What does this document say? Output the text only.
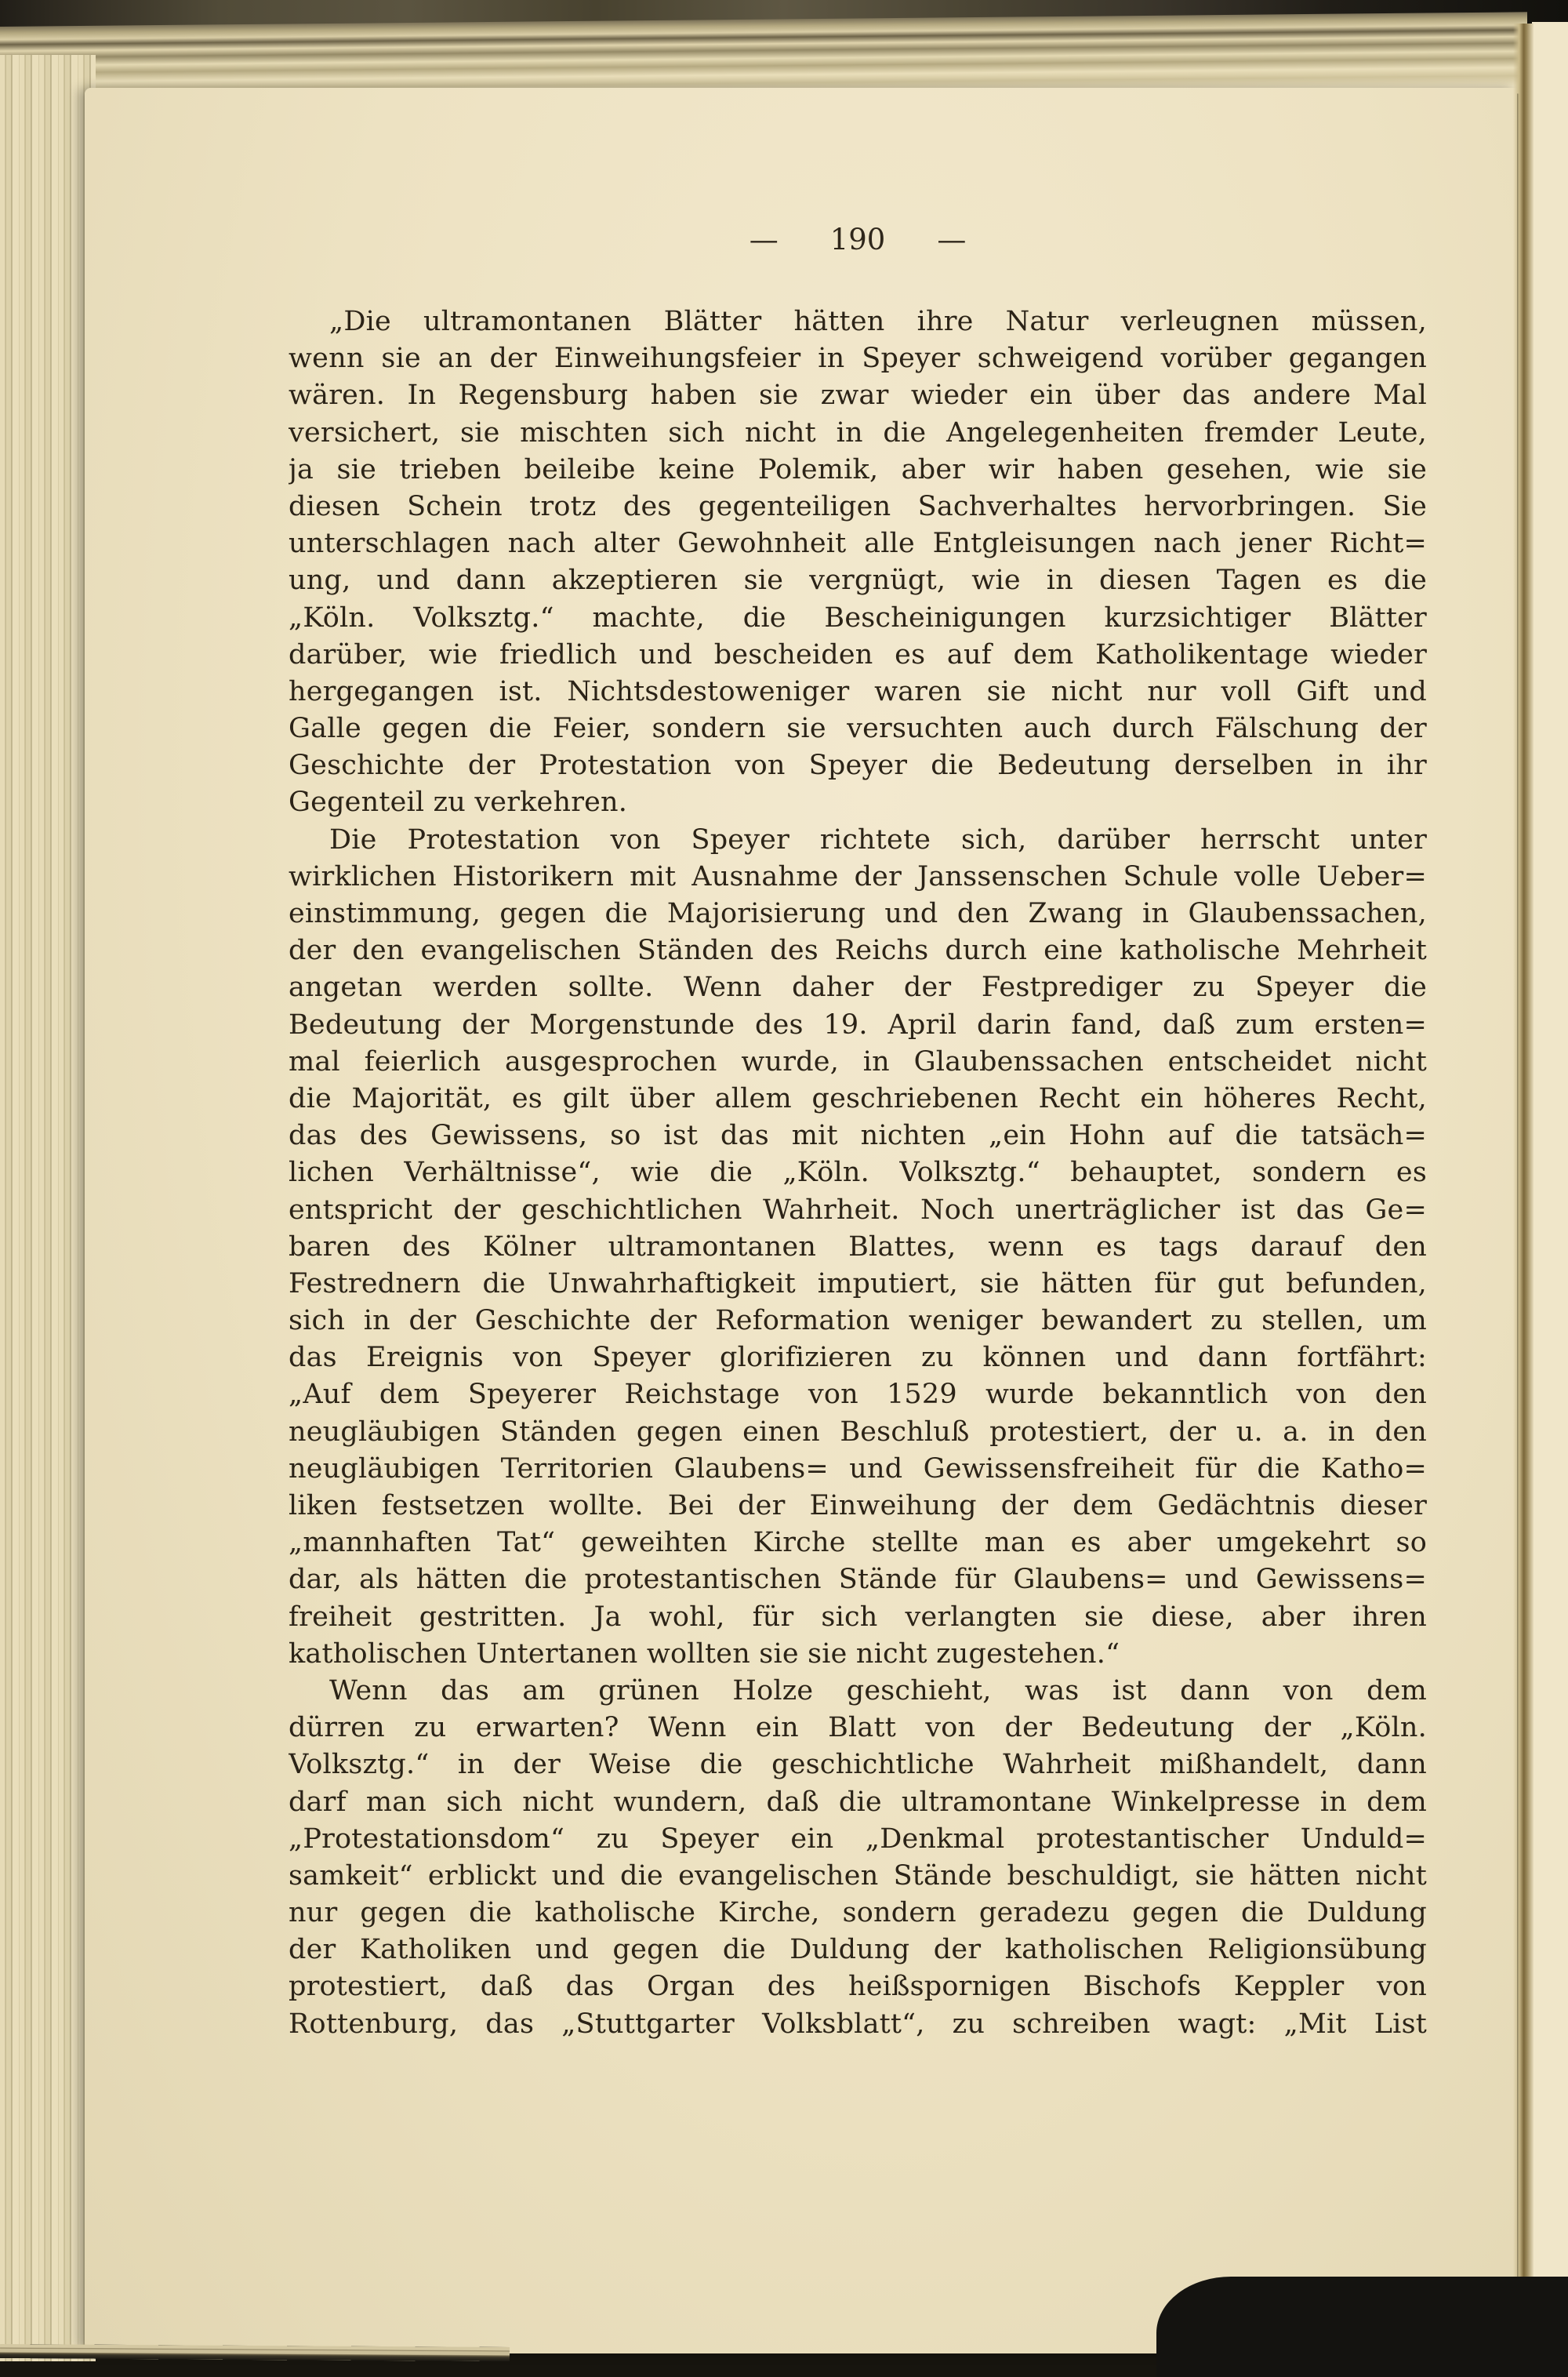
— 190 —
„Die ultramontanen Blätter hätten ihre Natur verleugnen müssen,
wenn sie an der Einweihungsfeier in Speyer schweigend vorüber gegangen
wären. In Regensburg haben sie zwar wieder ein über das andere Mal
versichert, sie mischten sich nicht in die Angelegenheiten fremder Leute,
ja sie trieben beileibe keine Polemik, aber wir haben gesehen, wie sie
diesen Schein trotz des gegenteiligen Sachverhaltes hervorbringen. Sie
unterschlagen nach alter Gewohnheit alle Entgleisungen nach jener Richt=
ung, und dann akzeptieren sie vergnügt, wie in diesen Tagen es die
„Köln. Volksztg.“ machte, die Bescheinigungen kurzsichtiger Blätter
darüber, wie friedlich und bescheiden es auf dem Katholikentage wieder
hergegangen ist. Nichtsdestoweniger waren sie nicht nur voll Gift und
Galle gegen die Feier, sondern sie versuchten auch durch Fälschung der
Geschichte der Protestation von Speyer die Bedeutung derselben in ihr
Gegenteil zu verkehren.
Die Protestation von Speyer richtete sich, darüber herrscht unter
wirklichen Historikern mit Ausnahme der Janssenschen Schule volle Ueber=
einstimmung, gegen die Majorisierung und den Zwang in Glaubenssachen,
der den evangelischen Ständen des Reichs durch eine katholische Mehrheit
angetan werden sollte. Wenn daher der Festprediger zu Speyer die
Bedeutung der Morgenstunde des 19. April darin fand, daß zum ersten=
mal feierlich ausgesprochen wurde, in Glaubenssachen entscheidet nicht
die Majorität, es gilt über allem geschriebenen Recht ein höheres Recht,
das des Gewissens, so ist das mit nichten „ein Hohn auf die tatsäch=
lichen Verhältnisse“, wie die „Köln. Volksztg.“ behauptet, sondern es
entspricht der geschichtlichen Wahrheit. Noch unerträglicher ist das Ge=
baren des Kölner ultramontanen Blattes, wenn es tags darauf den
Festrednern die Unwahrhaftigkeit imputiert, sie hätten für gut befunden,
sich in der Geschichte der Reformation weniger bewandert zu stellen, um
das Ereignis von Speyer glorifizieren zu können und dann fortfährt:
„Auf dem Speyerer Reichstage von 1529 wurde bekanntlich von den
neugläubigen Ständen gegen einen Beschluß protestiert, der u. a. in den
neugläubigen Territorien Glaubens= und Gewissensfreiheit für die Katho=
liken festsetzen wollte. Bei der Einweihung der dem Gedächtnis dieser
„mannhaften Tat“ geweihten Kirche stellte man es aber umgekehrt so
dar, als hätten die protestantischen Stände für Glaubens= und Gewissens=
freiheit gestritten. Ja wohl, für sich verlangten sie diese, aber ihren
katholischen Untertanen wollten sie sie nicht zugestehen.“
Wenn das am grünen Holze geschieht, was ist dann von dem
dürren zu erwarten? Wenn ein Blatt von der Bedeutung der „Köln.
Volksztg.“ in der Weise die geschichtliche Wahrheit mißhandelt, dann
darf man sich nicht wundern, daß die ultramontane Winkelpresse in dem
„Protestationsdom“ zu Speyer ein „Denkmal protestantischer Unduld=
samkeit“ erblickt und die evangelischen Stände beschuldigt, sie hätten nicht
nur gegen die katholische Kirche, sondern geradezu gegen die Duldung
der Katholiken und gegen die Duldung der katholischen Religionsübung
protestiert, daß das Organ des heißspornigen Bischofs Keppler von
Rottenburg, das „Stuttgarter Volksblatt“, zu schreiben wagt: „Mit List
